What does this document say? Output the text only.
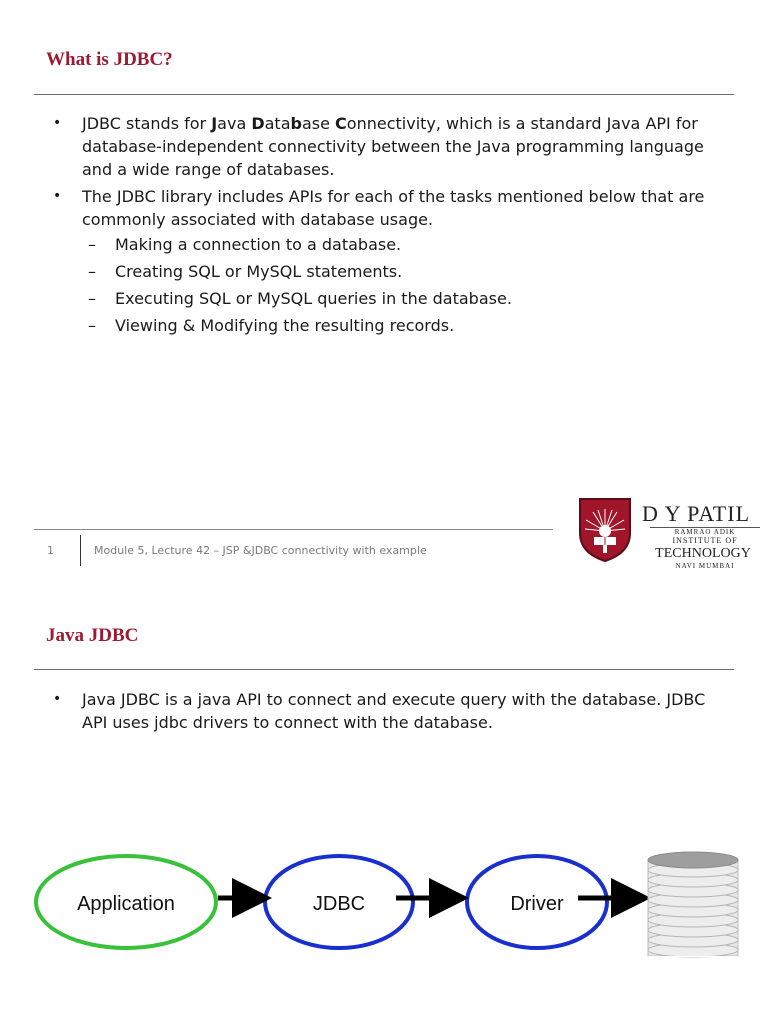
What is JDBC?
• JDBC stands for Java Database Connectivity, which is a standard Java API for
database-independent connectivity between the Java programming language
and a wide range of databases.
• The JDBC library includes APIs for each of the tasks mentioned below that are
commonly associated with database usage.
– Making a connection to a database.
– Creating SQL or MySQL statements.
– Executing SQL or MySQL queries in the database.
– Viewing & Modifying the resulting records.
1	Module 5, Lecture 42 – JSP &JDBC connectivity with example
D Y PATIL
RAMRAO ADIK
INSTITUTE OF
TECHNOLOGY
NAVI MUMBAI
Java JDBC
• Java JDBC is a java API to connect and execute query with the database. JDBC
API uses jdbc drivers to connect with the database.
Application	JDBC	Driver
